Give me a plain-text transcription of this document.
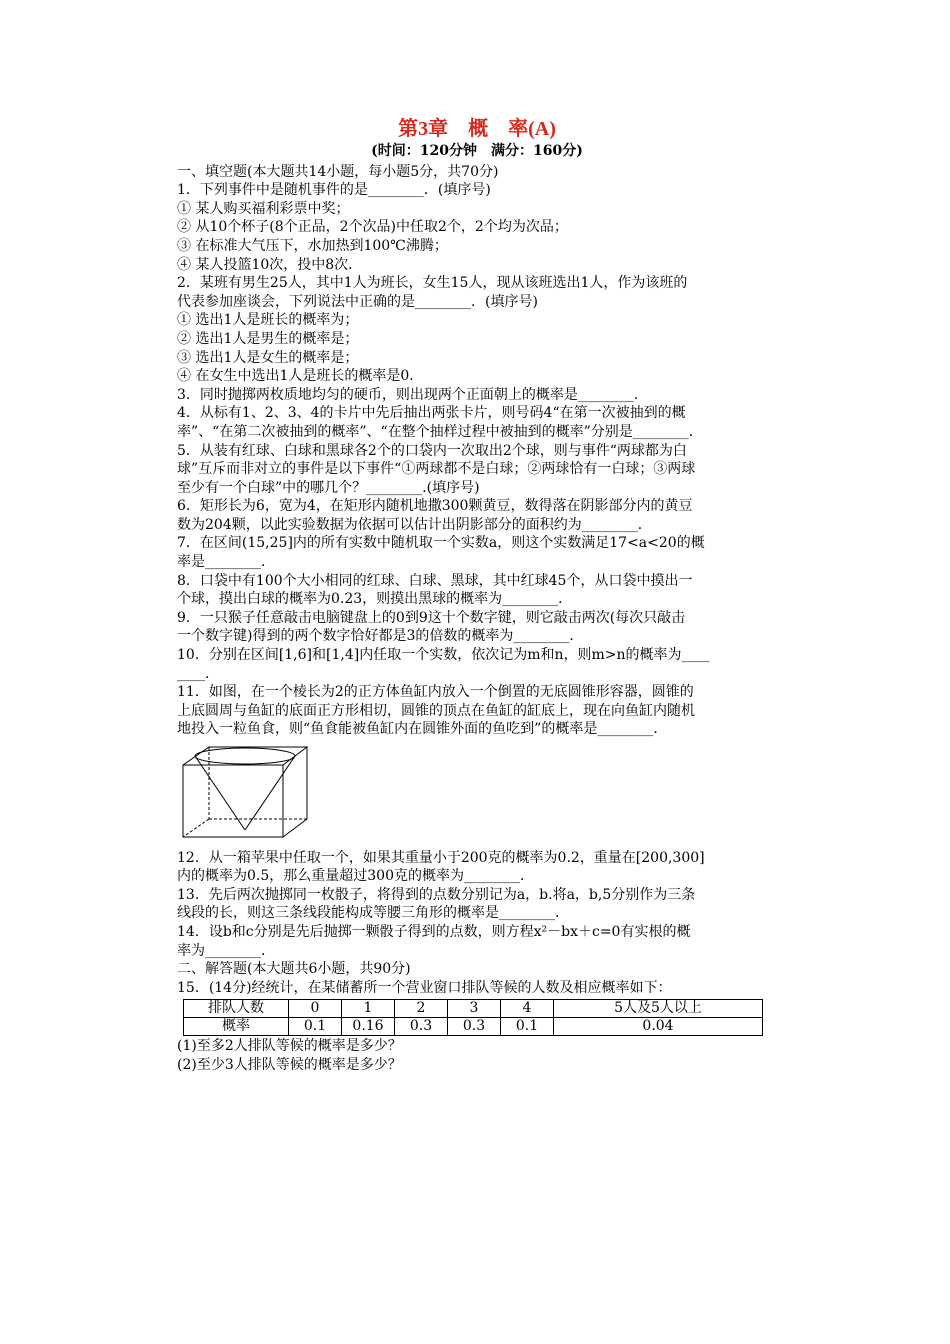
第3章　概　率(A)

(时间：120分钟　满分：160分)

一、填空题(本大题共14小题，每小题5分，共70分)

1．下列事件中是随机事件的是________．(填序号)

① 某人购买福利彩票中奖；

② 从10个杯子(8个正品，2个次品)中任取2个，2个均为次品；

③ 在标准大气压下，水加热到100℃沸腾；

④ 某人投篮10次，投中8次．

2．某班有男生25人，其中1人为班长，女生15人，现从该班选出1人，作为该班的

代表参加座谈会，下列说法中正确的是________．(填序号)

① 选出1人是班长的概率为；

② 选出1人是男生的概率是；

③ 选出1人是女生的概率是；

④ 在女生中选出1人是班长的概率是0.

3．同时抛掷两枚质地均匀的硬币，则出现两个正面朝上的概率是________．

4．从标有1、2、3、4的卡片中先后抽出两张卡片，则号码4“在第一次被抽到的概

率”、“在第二次被抽到的概率”、“在整个抽样过程中被抽到的概率”分别是________．

5．从装有红球、白球和黑球各2个的口袋内一次取出2个球，则与事件“两球都为白

球”互斥而非对立的事件是以下事件“①两球都不是白球；②两球恰有一白球；③两球

至少有一个白球”中的哪几个？________.(填序号)

6．矩形长为6，宽为4，在矩形内随机地撒300颗黄豆，数得落在阴影部分内的黄豆

数为204颗，以此实验数据为依据可以估计出阴影部分的面积约为________．

7．在区间(15,25]内的所有实数中随机取一个实数a，则这个实数满足17<a<20的概

率是________．

8．口袋中有100个大小相同的红球、白球、黑球，其中红球45个，从口袋中摸出一

个球，摸出白球的概率为0.23，则摸出黑球的概率为________．

9．一只猴子任意敲击电脑键盘上的0到9这十个数字键，则它敲击两次(每次只敲击

一个数字键)得到的两个数字恰好都是3的倍数的概率为________．

10．分别在区间[1,6]和[1,4]内任取一个实数，依次记为m和n，则m>n的概率为____

____．

11．如图，在一个棱长为2的正方体鱼缸内放入一个倒置的无底圆锥形容器，圆锥的

上底圆周与鱼缸的底面正方形相切，圆锥的顶点在鱼缸的缸底上，现在向鱼缸内随机

地投入一粒鱼食，则“鱼食能被鱼缸内在圆锥外面的鱼吃到”的概率是________．

12．从一箱苹果中任取一个，如果其重量小于200克的概率为0.2，重量在[200,300]

内的概率为0.5，那么重量超过300克的概率为________．

13．先后两次抛掷同一枚骰子，将得到的点数分别记为a，b.将a，b,5分别作为三条

线段的长，则这三条线段能构成等腰三角形的概率是________．

14．设b和c分别是先后抛掷一颗骰子得到的点数，则方程x²－bx＋c=0有实根的概

率为________．

二、解答题(本大题共6小题，共90分)

15．(14分)经统计，在某储蓄所一个营业窗口排队等候的人数及相应概率如下：

排队人数	0	1	2	3	4	5人及5人以上
概率	0.1	0.16	0.3	0.3	0.1	0.04

(1)至多2人排队等候的概率是多少？

(2)至少3人排队等候的概率是多少？
